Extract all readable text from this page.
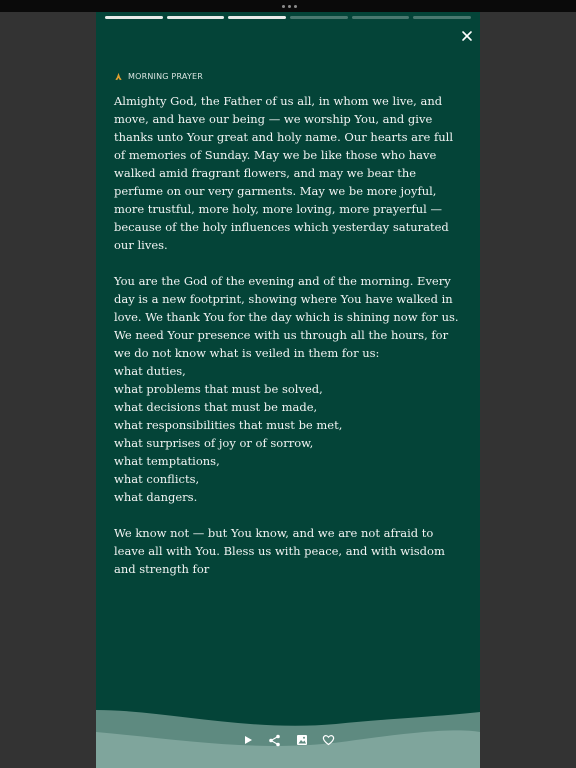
MORNING PRAYER

Almighty God, the Father of us all, in whom we live, and move, and have our being — we worship You, and give thanks unto Your great and holy name. Our hearts are full of memories of Sunday. May we be like those who have walked amid fragrant flowers, and may we bear the perfume on our very garments. May we be more joyful, more trustful, more holy, more loving, more prayerful — because of the holy influences which yesterday saturated our lives.

You are the God of the evening and of the morning. Every day is a new footprint, showing where You have walked in love. We thank You for the day which is shining now for us. We need Your presence with us through all the hours, for we do not know what is veiled in them for us:
what duties,
what problems that must be solved,
what decisions that must be made,
what responsibilities that must be met,
what surprises of joy or of sorrow,
what temptations,
what conflicts,
what dangers.

We know not — but You know, and we are not afraid to leave all with You. Bless us with peace, and with wisdom and strength for
